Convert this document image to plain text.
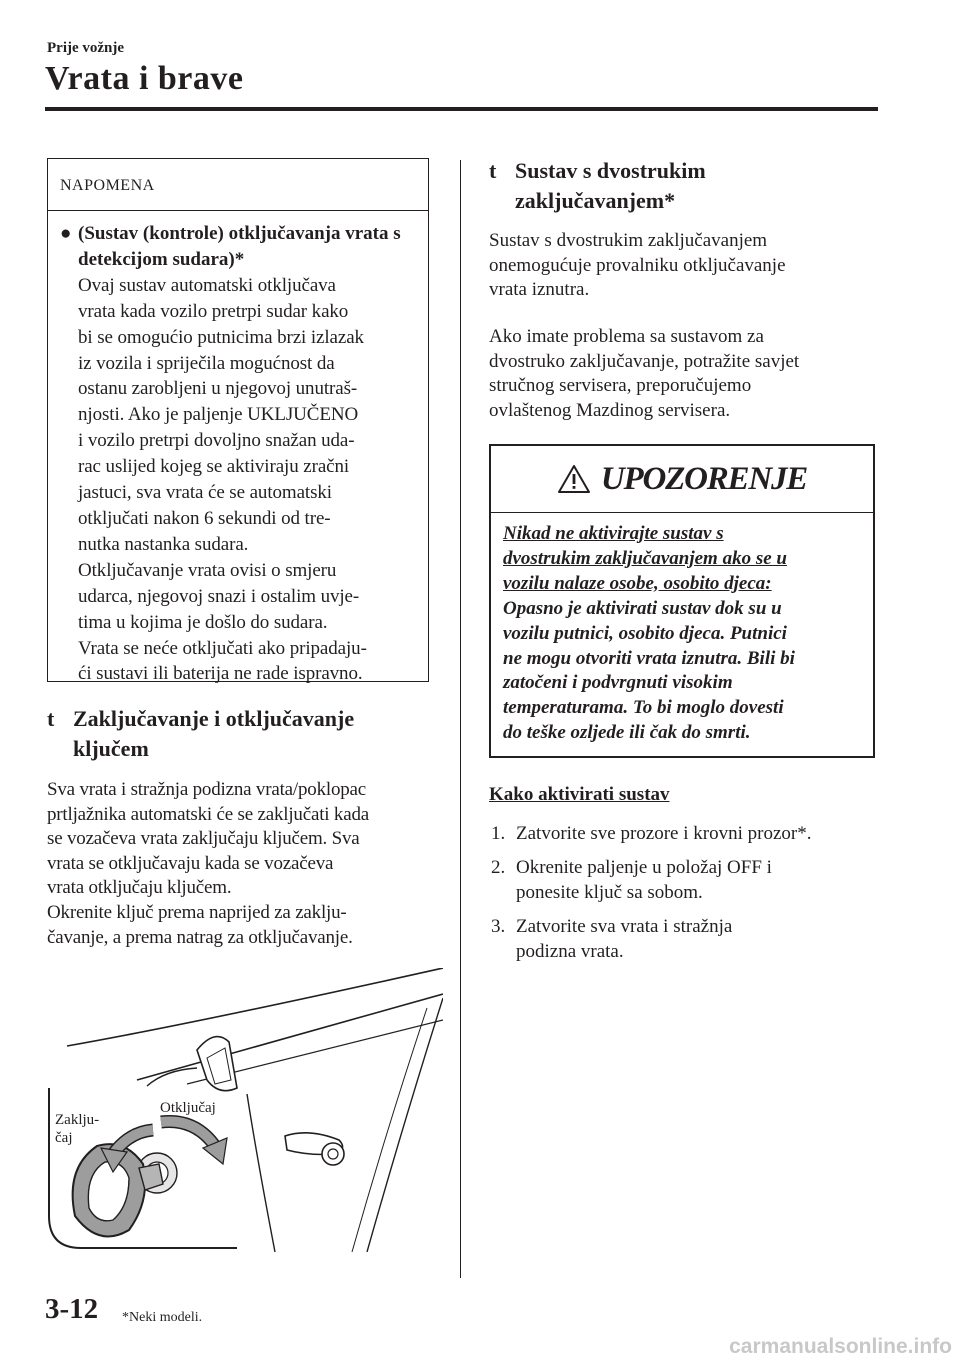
Prije vožnje
Vrata i brave
NAPOMENA
● (Sustav (kontrole) otključavanja vrata s detekcijom sudara)*
Ovaj sustav automatski otključava
vrata kada vozilo pretrpi sudar kako
bi se omogućio putnicima brzi izlazak
iz vozila i spriječila mogućnost da
ostanu zarobljeni u njegovoj unutraš-
njosti. Ako je paljenje UKLJUČENO
i vozilo pretrpi dovoljno snažan uda-
rac uslijed kojeg se aktiviraju zračni
jastuci, sva vrata će se automatski
otključati nakon 6 sekundi od tre-
nutka nastanka sudara.
Otključavanje vrata ovisi o smjeru
udarca, njegovoj snazi i ostalim uvje-
tima u kojima je došlo do sudara.
Vrata se neće otključati ako pripadaju-
ći sustavi ili baterija ne rade ispravno.
t Zaključavanje i otključavanje
ključem
Sva vrata i stražnja podizna vrata/poklopac
prtljažnika automatski će se zaključati kada
se vozačeva vrata zaključaju ključem. Sva
vrata se otključavaju kada se vozačeva
vrata otključaju ključem.
Okrenite ključ prema naprijed za zaklju-
čavanje, a prema natrag za otključavanje.
Zaklju-
čaj
Otključaj
t Sustav s dvostrukim
zaključavanjem*
Sustav s dvostrukim zaključavanjem
onemogućuje provalniku otključavanje
vrata iznutra.
Ako imate problema sa sustavom za
dvostruko zaključavanje, potražite savjet
stručnog servisera, preporučujemo
ovlaštenog Mazdinog servisera.
UPOZORENJE
Nikad ne aktivirajte sustav s
dvostrukim zaključavanjem ako se u
vozilu nalaze osobe, osobito djeca:
Opasno je aktivirati sustav dok su u
vozilu putnici, osobito djeca. Putnici
ne mogu otvoriti vrata iznutra. Bili bi
zatočeni i podvrgnuti visokim
temperaturama. To bi moglo dovesti
do teške ozljede ili čak do smrti.
Kako aktivirati sustav
1. Zatvorite sve prozore i krovni prozor*.
2. Okrenite paljenje u položaj OFF i
ponesite ključ sa sobom.
3. Zatvorite sva vrata i stražnja
podizna vrata.
3-12 *Neki modeli.
carmanualsonline.info
